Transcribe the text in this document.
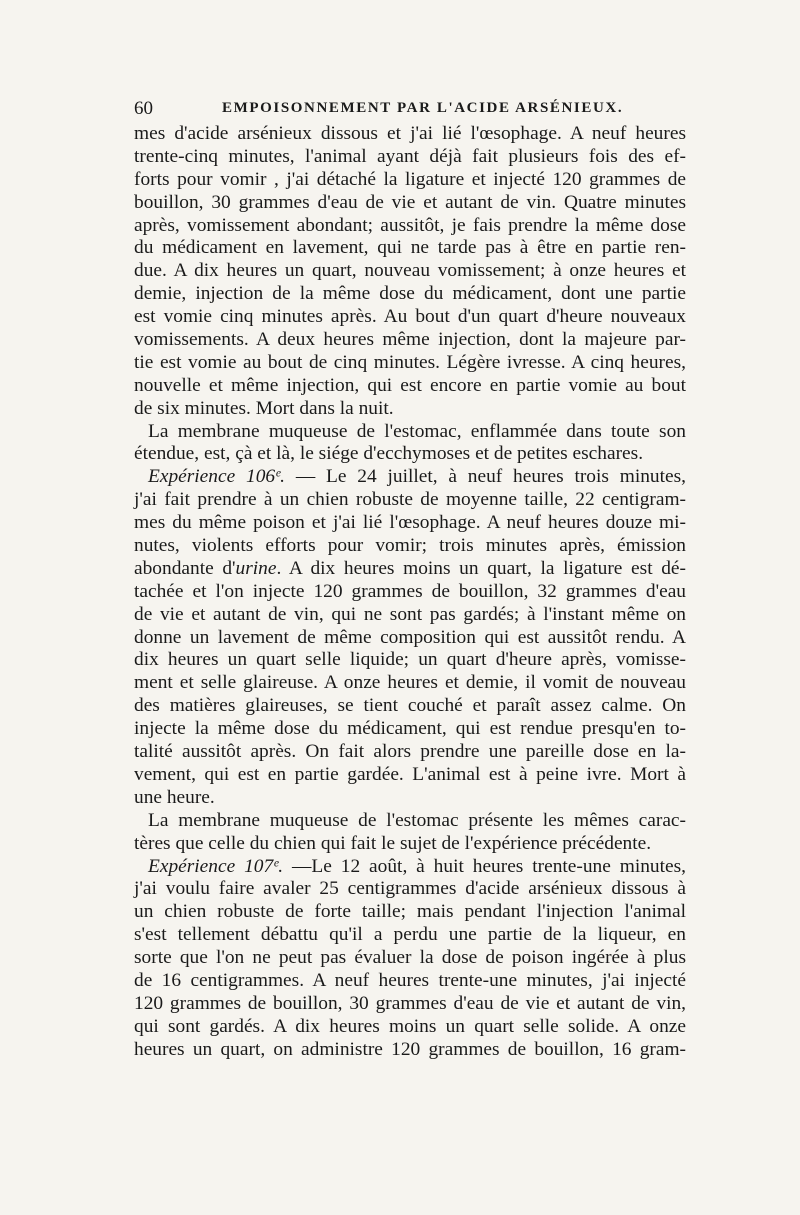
60	EMPOISONNEMENT PAR L'ACIDE ARSÉNIEUX.
mes d'acide arsénieux dissous et j'ai lié l'œsophage. A neuf heures
trente-cinq minutes, l'animal ayant déjà fait plusieurs fois des ef-
forts pour vomir , j'ai détaché la ligature et injecté 120 grammes de
bouillon, 30 grammes d'eau de vie et autant de vin. Quatre minutes
après, vomissement abondant; aussitôt, je fais prendre la même dose
du médicament en lavement, qui ne tarde pas à être en partie ren-
due. A dix heures un quart, nouveau vomissement; à onze heures et
demie, injection de la même dose du médicament, dont une partie
est vomie cinq minutes après. Au bout d'un quart d'heure nouveaux
vomissements. A deux heures même injection, dont la majeure par-
tie est vomie au bout de cinq minutes. Légère ivresse. A cinq heures,
nouvelle et même injection, qui est encore en partie vomie au bout
de six minutes. Mort dans la nuit.
La membrane muqueuse de l'estomac, enflammée dans toute son
étendue, est, çà et là, le siége d'ecchymoses et de petites eschares.
Expérience 106ᵉ. — Le 24 juillet, à neuf heures trois minutes,
j'ai fait prendre à un chien robuste de moyenne taille, 22 centigram-
mes du même poison et j'ai lié l'œsophage. A neuf heures douze mi-
nutes, violents efforts pour vomir; trois minutes après, émission
abondante d'urine. A dix heures moins un quart, la ligature est dé-
tachée et l'on injecte 120 grammes de bouillon, 32 grammes d'eau
de vie et autant de vin, qui ne sont pas gardés; à l'instant même on
donne un lavement de même composition qui est aussitôt rendu. A
dix heures un quart selle liquide; un quart d'heure après, vomisse-
ment et selle glaireuse. A onze heures et demie, il vomit de nouveau
des matières glaireuses, se tient couché et paraît assez calme. On
injecte la même dose du médicament, qui est rendue presqu'en to-
talité aussitôt après. On fait alors prendre une pareille dose en la-
vement, qui est en partie gardée. L'animal est à peine ivre. Mort à
une heure.
La membrane muqueuse de l'estomac présente les mêmes carac-
tères que celle du chien qui fait le sujet de l'expérience précédente.
Expérience 107ᵉ. —Le 12 août, à huit heures trente-une minutes,
j'ai voulu faire avaler 25 centigrammes d'acide arsénieux dissous à
un chien robuste de forte taille; mais pendant l'injection l'animal
s'est tellement débattu qu'il a perdu une partie de la liqueur, en
sorte que l'on ne peut pas évaluer la dose de poison ingérée à plus
de 16 centigrammes. A neuf heures trente-une minutes, j'ai injecté
120 grammes de bouillon, 30 grammes d'eau de vie et autant de vin,
qui sont gardés. A dix heures moins un quart selle solide. A onze
heures un quart, on administre 120 grammes de bouillon, 16 gram-
